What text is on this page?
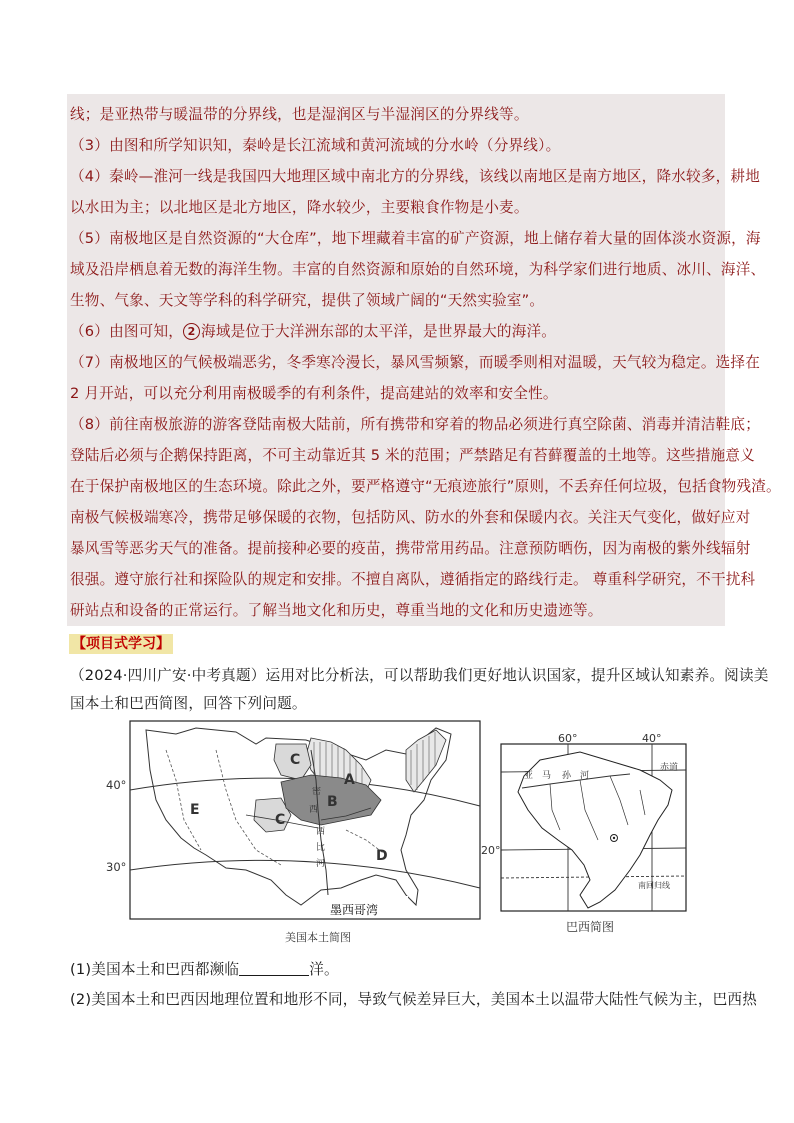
线；是亚热带与暖温带的分界线，也是湿润区与半湿润区的分界线等。
（3）由图和所学知识知，秦岭是长江流域和黄河流域的分水岭（分界线）。
（4）秦岭—淮河一线是我国四大地理区域中南北方的分界线，该线以南地区是南方地区，降水较多，耕地
以水田为主；以北地区是北方地区，降水较少，主要粮食作物是小麦。
（5）南极地区是自然资源的“大仓库”，地下埋藏着丰富的矿产资源，地上储存着大量的固体淡水资源，海
域及沿岸栖息着无数的海洋生物。丰富的自然资源和原始的自然环境，为科学家们进行地质、冰川、海洋、
生物、气象、天文等学科的科学研究，提供了领域广阔的“天然实验室”。
（6）由图可知， 2 海域是位于大洋洲东部的太平洋，是世界最大的海洋。
（7）南极地区的气候极端恶劣，冬季寒冷漫长，暴风雪频繁，而暖季则相对温暖，天气较为稳定。选择在
2 月开站，可以充分利用南极暖季的有利条件，提高建站的效率和安全性。
（8）前往南极旅游的游客登陆南极大陆前，所有携带和穿着的物品必须进行真空除菌、消毒并清洁鞋底；
登陆后必须与企鹅保持距离，不可主动靠近其 5 米的范围；严禁踏足有苔藓覆盖的土地等。这些措施意义
在于保护南极地区的生态环境。除此之外，要严格遵守“无痕迹旅行”原则，不丢弃任何垃圾，包括食物残渣。
南极气候极端寒冷，携带足够保暖的衣物，包括防风、防水的外套和保暖内衣。关注天气变化，做好应对
暴风雪等恶劣天气的准备。提前接种必要的疫苗，携带常用药品。注意预防晒伤，因为南极的紫外线辐射
很强。遵守旅行社和探险队的规定和安排。不擅自离队，遵循指定的路线行走。 尊重科学研究，不干扰科
研站点和设备的正常运行。了解当地文化和历史，尊重当地的文化和历史遗迹等。
【项目式学习】
（2024·四川广安·中考真题）运用对比分析法，可以帮助我们更好地认识国家，提升区域认知素养。阅读美
国本土和巴西简图，回答下列问题。
40°
30°
A
B
C
C
D
E
密
西
西
比
河
墨西哥湾
美国本土简图
60°	40°
20°
赤道
亚 马 孙 河
南回归线
巴西简图
(1)美国本土和巴西都濒临	洋。
(2)美国本土和巴西因地理位置和地形不同，导致气候差异巨大，美国本土以温带大陆性气候为主，巴西热
